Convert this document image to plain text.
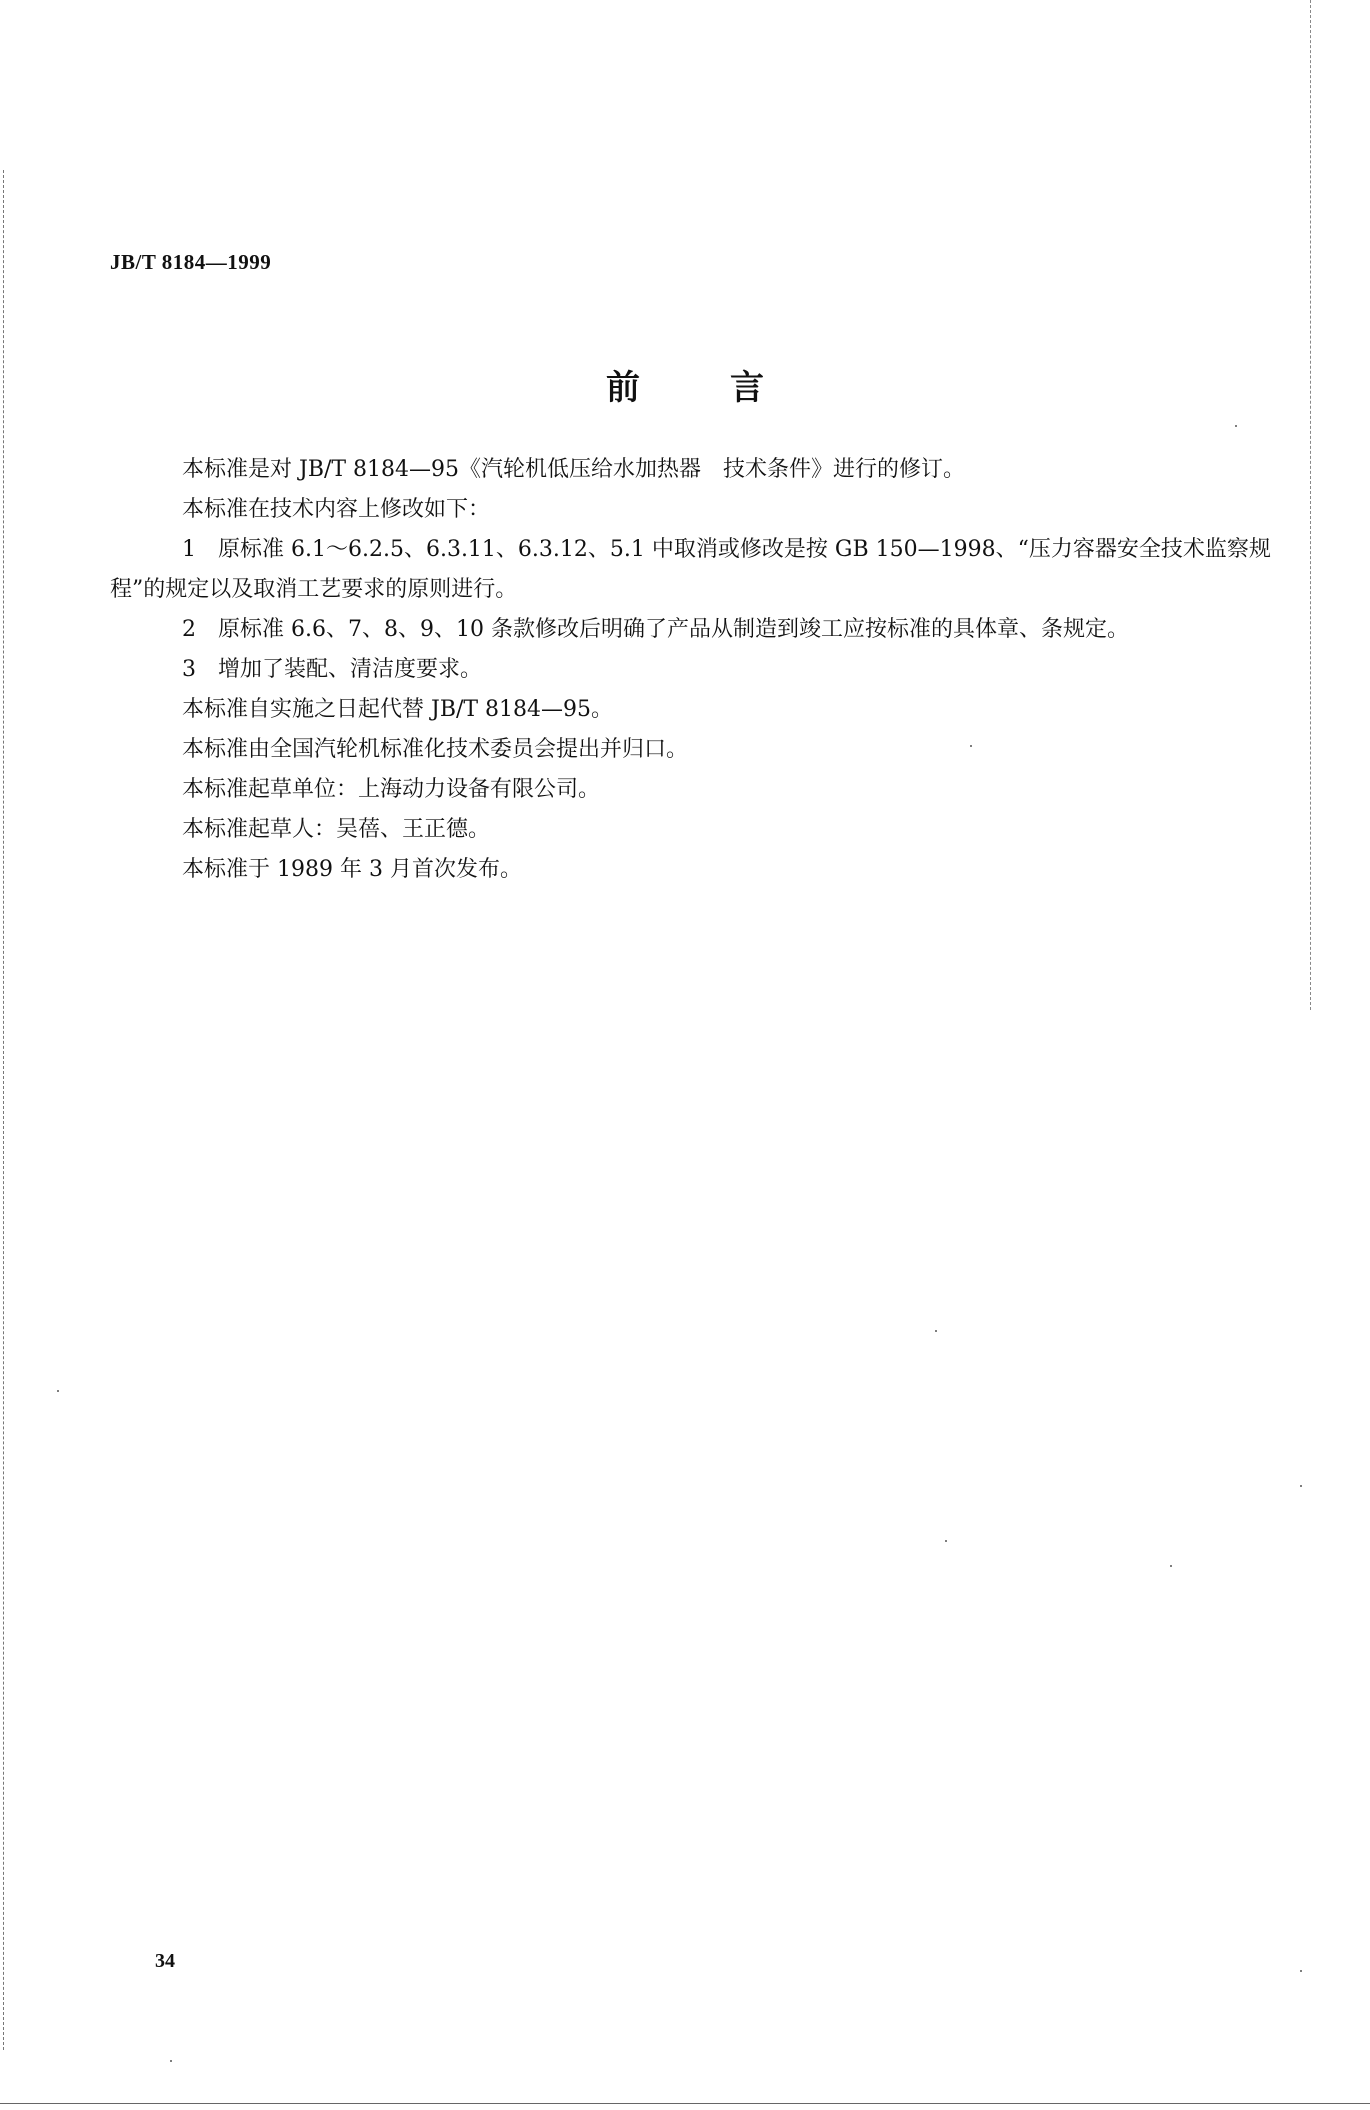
JB/T 8184—1999
前言

本标准是对 JB/T 8184—95《汽轮机低压给水加热器　技术条件》进行的修订。

本标准在技术内容上修改如下：

1　原标准 6.1～6.2.5、6.3.11、6.3.12、5.1 中取消或修改是按 GB 150—1998、“压力容器安全技术监察规程”的规定以及取消工艺要求的原则进行。

2　原标准 6.6、7、8、9、10 条款修改后明确了产品从制造到竣工应按标准的具体章、条规定。

3　增加了装配、清洁度要求。

本标准自实施之日起代替 JB/T 8184—95。

本标准由全国汽轮机标准化技术委员会提出并归口。

本标准起草单位：上海动力设备有限公司。

本标准起草人：吴蓓、王正德。

本标准于 1989 年 3 月首次发布。

34
